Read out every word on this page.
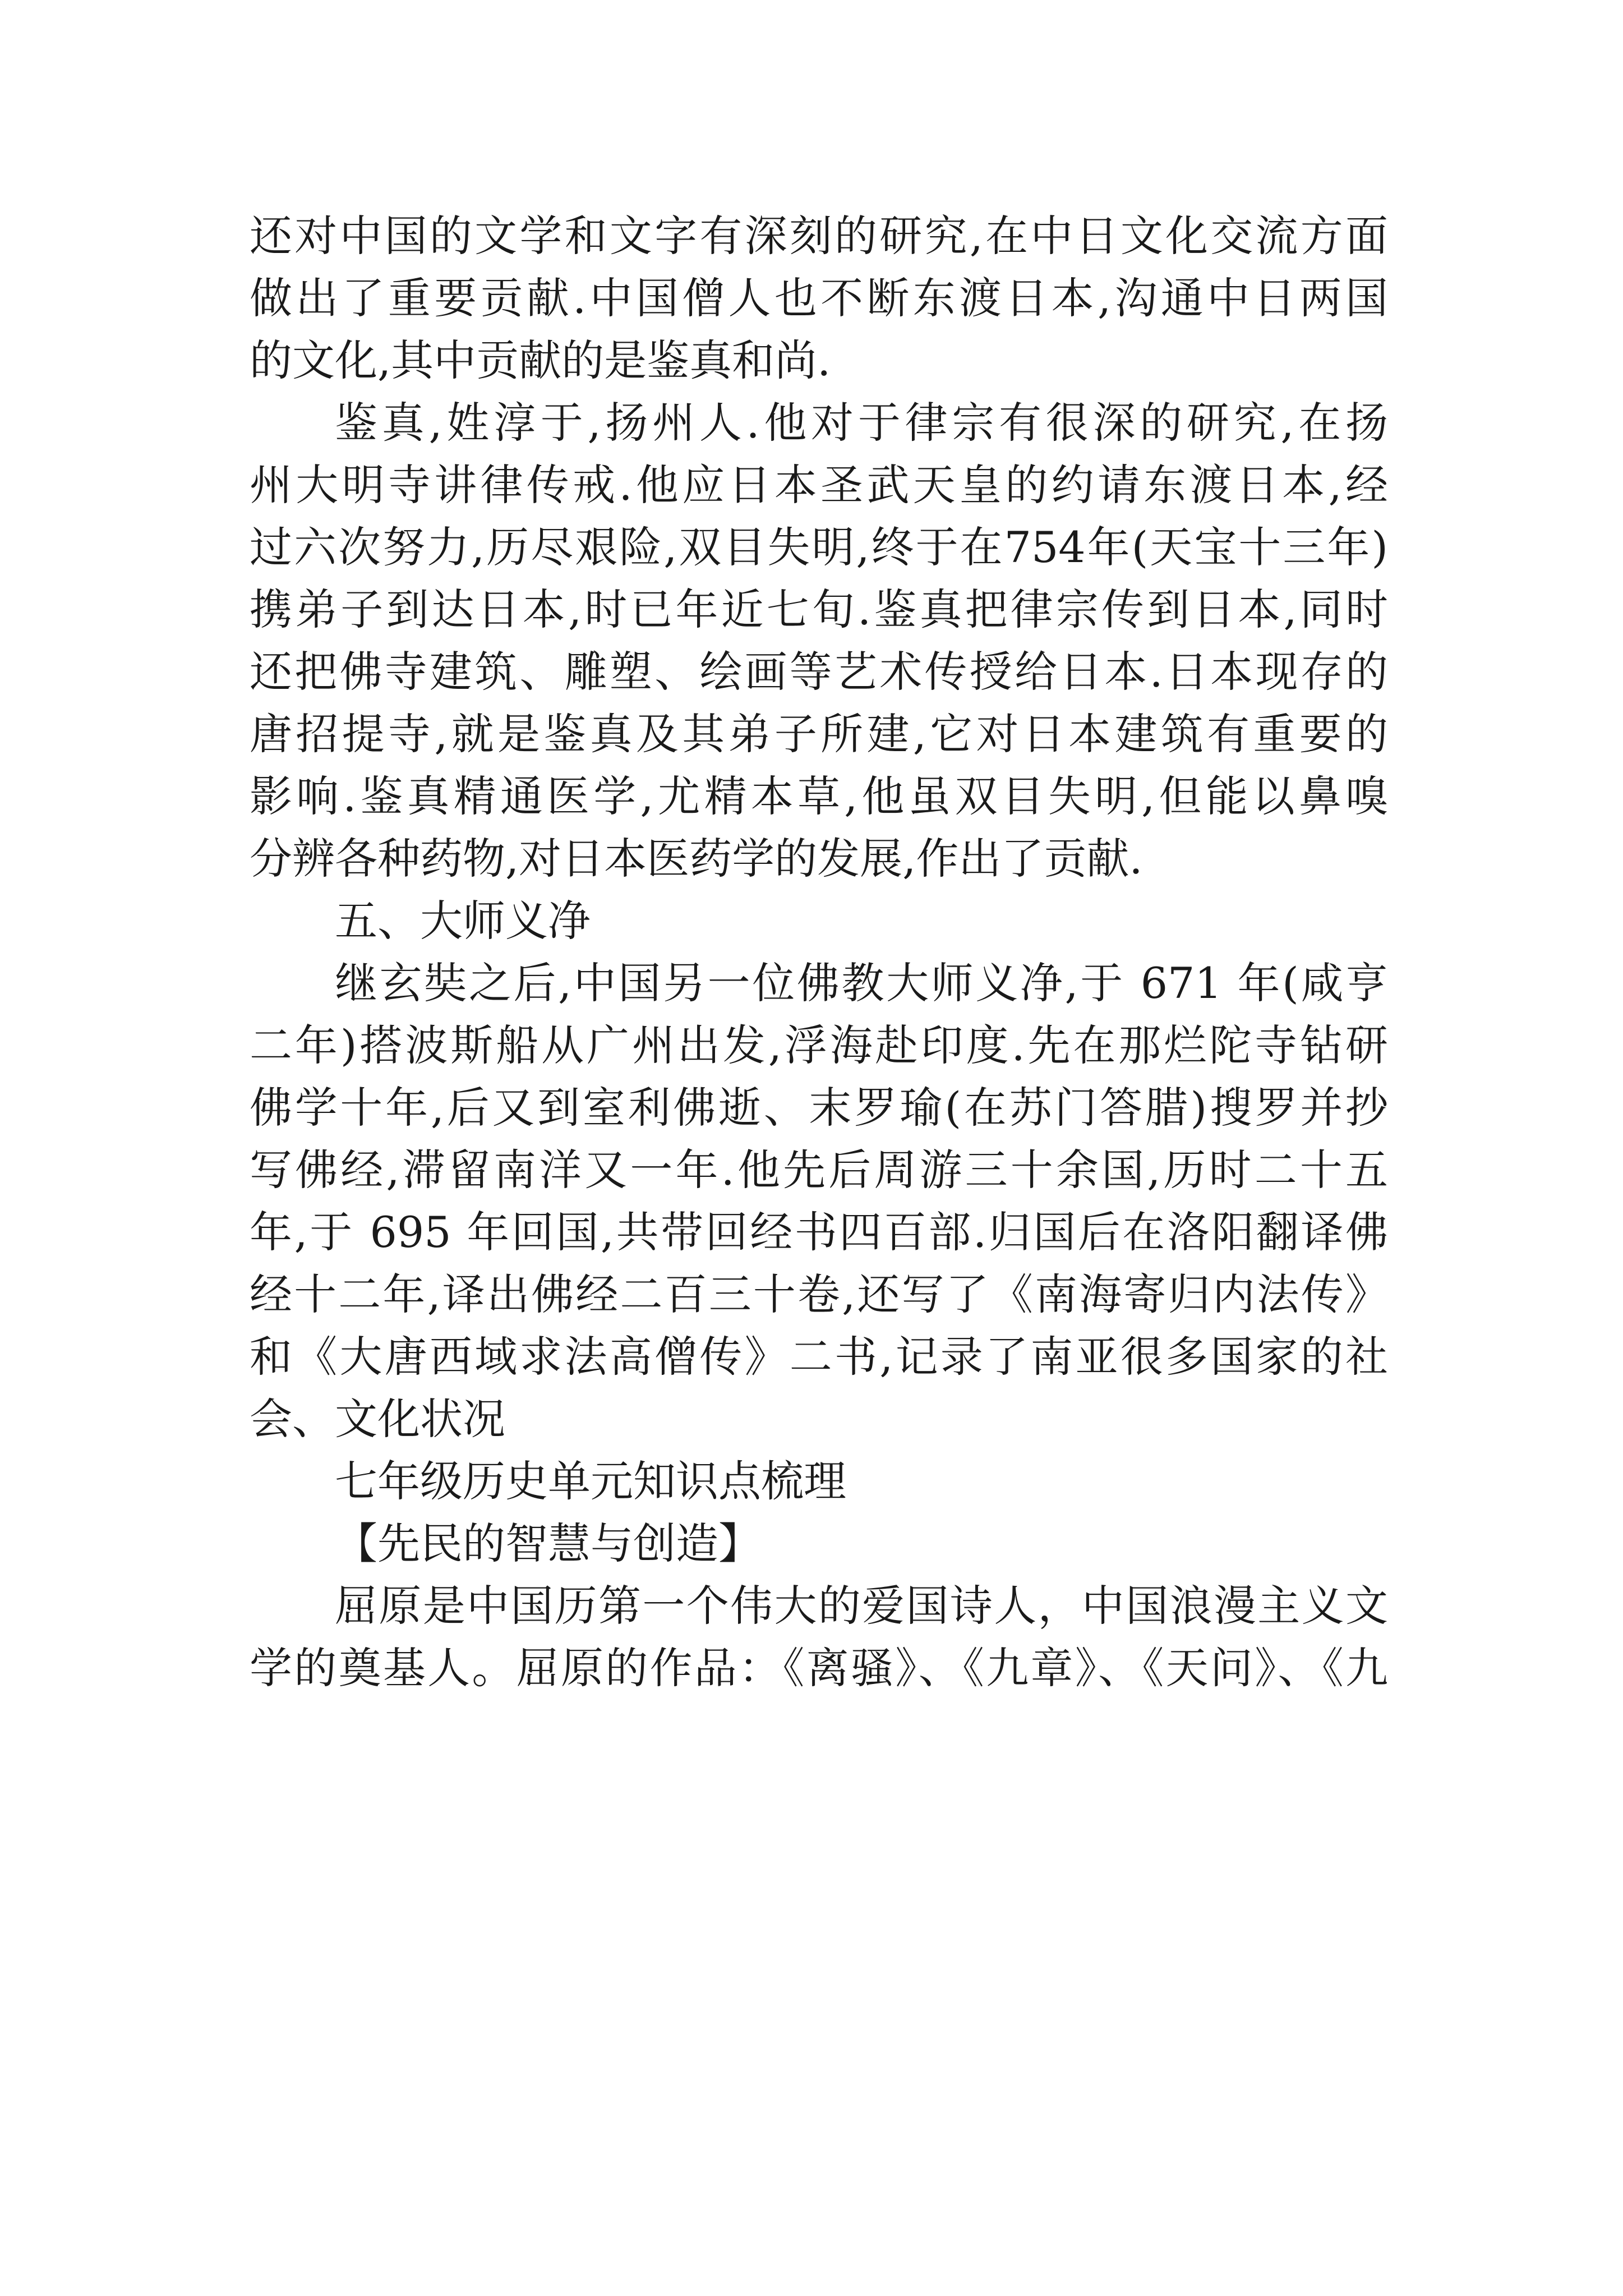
还对中国的文学和文字有深刻的研究,在中日文化交流方面
做出了重要贡献.中国僧人也不断东渡日本,沟通中日两国
的文化,其中贡献的是鉴真和尚.
鉴真,姓淳于,扬州人.他对于律宗有很深的研究,在扬
州大明寺讲律传戒.他应日本圣武天皇的约请东渡日本,经
过六次努力,历尽艰险,双目失明,终于在754年(天宝十三年)
携弟子到达日本,时已年近七旬.鉴真把律宗传到日本,同时
还把佛寺建筑、雕塑、绘画等艺术传授给日本.日本现存的
唐招提寺,就是鉴真及其弟子所建,它对日本建筑有重要的
影响.鉴真精通医学,尤精本草,他虽双目失明,但能以鼻嗅
分辨各种药物,对日本医药学的发展,作出了贡献.
五、大师义净
继玄奘之后,中国另一位佛教大师义净,于 671 年(咸亨
二年)搭波斯船从广州出发,浮海赴印度.先在那烂陀寺钻研
佛学十年,后又到室利佛逝、末罗瑜(在苏门答腊)搜罗并抄
写佛经,滞留南洋又一年.他先后周游三十余国,历时二十五
年,于 695 年回国,共带回经书四百部.归国后在洛阳翻译佛
经十二年,译出佛经二百三十卷,还写了《南海寄归内法传》
和《大唐西域求法高僧传》二书,记录了南亚很多国家的社
会、文化状况
七年级历史单元知识点梳理
【先民的智慧与创造】
屈原是中国历第一个伟大的爱国诗人，中国浪漫主义文
学的奠基人。屈原的作品：《离骚》、《九章》、《天问》、《九
